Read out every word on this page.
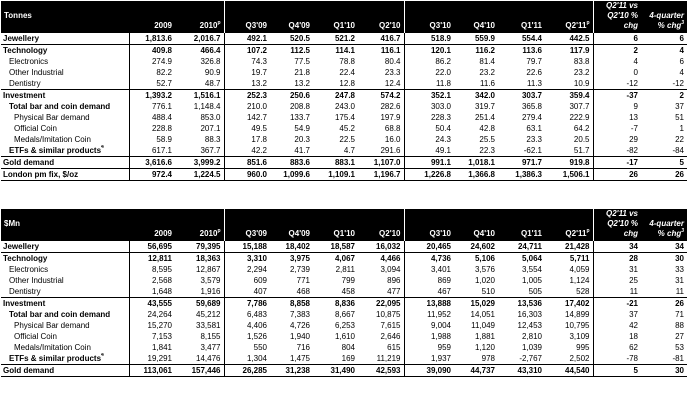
Tonnes	2009	2010$^p$	Q3'09	Q4'09	Q1'10	Q2'10	Q3'10	Q4'10	Q1'11	Q2'11$^p$	Q2'11 vs Q2'10 % chg	4-quarter % chg$^3$
Jewellery	1,813.6	2,016.7	492.1	520.5	521.2	416.7	518.9	559.9	554.4	442.5	6	6
Technology	409.8	466.4	107.2	112.5	114.1	116.1	120.1	116.2	113.6	117.9	2	4
Electronics	274.9	326.8	74.3	77.5	78.8	80.4	86.2	81.4	79.7	83.8	4	6
Other Industrial	82.2	90.9	19.7	21.8	22.4	23.3	22.0	23.2	22.6	23.2	0	4
Dentistry	52.7	48.7	13.2	13.2	12.8	12.4	11.8	11.6	11.3	10.9	-12	-12
Investment	1,393.2	1,516.1	252.3	250.6	247.8	574.2	352.1	342.0	303.7	359.4	-37	2
Total bar and coin demand	776.1	1,148.4	210.0	208.8	243.0	282.6	303.0	319.7	365.8	307.7	9	37
Physical Bar demand	488.4	853.0	142.7	133.7	175.4	197.9	228.3	251.4	279.4	222.9	13	51
Official Coin	228.8	207.1	49.5	54.9	45.2	68.8	50.4	42.8	63.1	64.2	-7	1
Medals/Imitation Coin	58.9	88.3	17.8	20.3	22.5	16.0	24.3	25.5	23.3	20.5	29	22
ETFs & similar products$^4$	617.1	367.7	42.2	41.7	4.7	291.6	49.1	22.3	-62.1	51.7	-82	-84
Gold demand	3,616.6	3,999.2	851.6	883.6	883.1	1,107.0	991.1	1,018.1	971.7	919.8	-17	5
London pm fix, $/oz	972.4	1,224.5	960.0	1,099.6	1,109.1	1,196.7	1,226.8	1,366.8	1,386.3	1,506.1	26	26
$Mn	2009	2010$^p$	Q3'09	Q4'09	Q1'10	Q2'10	Q3'10	Q4'10	Q1'11	Q2'11$^p$	Q2'11 vs Q2'10 % chg	4-quarter % chg$^3$
Jewellery	56,695	79,395	15,188	18,402	18,587	16,032	20,465	24,602	24,711	21,428	34	34
Technology	12,811	18,363	3,310	3,975	4,067	4,466	4,736	5,106	5,064	5,711	28	30
Electronics	8,595	12,867	2,294	2,739	2,811	3,094	3,401	3,576	3,554	4,059	31	33
Other Industrial	2,568	3,579	609	771	799	896	869	1,020	1,005	1,124	25	31
Dentistry	1,648	1,916	407	468	458	477	467	510	505	528	11	11
Investment	43,555	59,689	7,786	8,858	8,836	22,095	13,888	15,029	13,536	17,402	-21	26
Total bar and coin demand	24,264	45,212	6,483	7,383	8,667	10,875	11,952	14,051	16,303	14,899	37	71
Physical Bar demand	15,270	33,581	4,406	4,726	6,253	7,615	9,004	11,049	12,453	10,795	42	88
Official Coin	7,153	8,155	1,526	1,940	1,610	2,646	1,988	1,881	2,810	3,109	18	27
Medals/Imitation Coin	1,841	3,477	550	716	804	615	959	1,120	1,039	995	62	53
ETFs & similar products$^4$	19,291	14,476	1,304	1,475	169	11,219	1,937	978	-2,767	2,502	-78	-81
Gold demand	113,061	157,446	26,285	31,238	31,490	42,593	39,090	44,737	43,310	44,540	5	30
